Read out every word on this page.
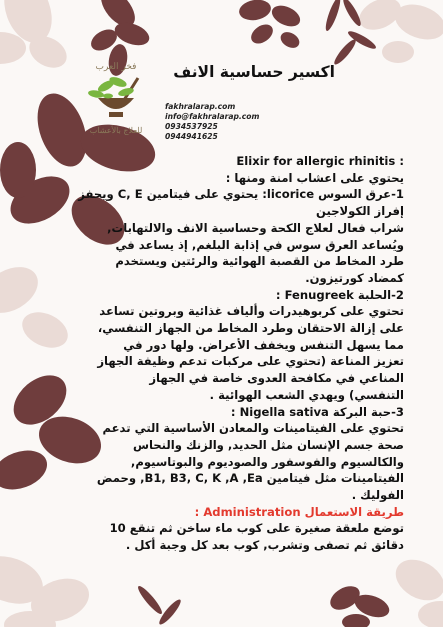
فخر العرب
للعلاج بالأعشاب
اكسير حساسية الانف
fakhralarap.com
info@fakhralarap.com
0934537925
0944941625

: Elixir for allergic rhinitis

يحتوي على اعشاب امنة ومنها :

1-عرق السوس licorice: يحتوي على فيتامين C, E ويحفز

إفراز الكولاجين

شراب فعال لعلاج الكحة وحساسية الانف والالتهابات,

ويُساعد العرق سوس في إذابة البلغم, إذ يساعد في

طرد المخاط من القصبة الهوائية والرئتين ويستخدم

كمضاد كورتيزون.

2-الحلبة Fenugreek :

تحتوي على كربوهيدرات وألياف غذائية وبروتين تساعد

على إزالة الاحتقان وطرد المخاط من الجهاز التنفسي،

مما يسهل التنفس ويخفف الأعراض. ولها دور في

تعزيز المناعة (تحتوي على مركبات تدعم وظيفة الجهاز

المناعي في مكافحة العدوى خاصة في الجهاز

التنفسي) ويهدي الشعب الهوائية .

3-حبة البركة Nigella sativa :

تحتوي على الفيتامينات والمعادن الأساسية التي تدعم

صحة جسم الإنسان مثل الحديد, والزنك والنحاس

والكالسيوم والفوسفور والصوديوم والبوتاسيوم,

الفيتامينات مثل فيتامين B1, B3, C, K ,A ,Ea, وحمض

الفوليك .

طريقة الاستعمال Administration :

توضع ملعقة صغيرة على كوب ماء ساخن ثم تنقع 10

دقائق ثم تصفى وتشرب, كوب بعد كل وجبة أكل .
